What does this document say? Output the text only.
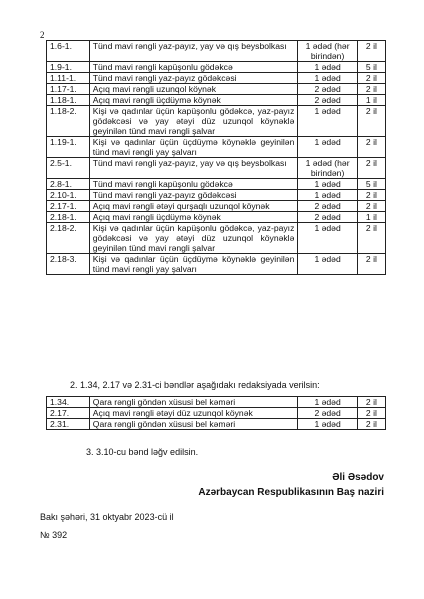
2
1.6-1.	Tünd mavi rəngli yaz-payız, yay və qış beysbolkası	1 ədəd (hər birindən)	2 il
1.9-1.	Tünd mavi rəngli kapüşonlu gödəkcə	1 ədəd	5 il
1.11-1.	Tünd mavi rəngli yaz-payız gödəkcəsi	1 ədəd	2 il
1.17-1.	Açıq mavi rəngli uzunqol köynək	2 ədəd	2 il
1.18-1.	Açıq mavi rəngli üçdüymə köynək	2 ədəd	1 il
1.18-2.	Kişi və qadınlar üçün kapüşonlu gödəkcə, yaz-payız gödəkcəsi və yay ətəyi düz uzunqol köynəklə geyinilən tünd mavi rəngli şalvar	1 ədəd	2 il
1.19-1.	Kişi və qadınlar üçün üçdüymə köynəklə geyinilən tünd mavi rəngli yay şalvarı	1 ədəd	2 il
2.5-1.	Tünd mavi rəngli yaz-payız, yay və qış beysbolkası	1 ədəd (hər birindən)	2 il
2.8-1.	Tünd mavi rəngli kapüşonlu gödəkcə	1 ədəd	5 il
2.10-1.	Tünd mavi rəngli yaz-payız gödəkcəsi	1 ədəd	2 il
2.17-1.	Açıq mavi rəngli ətəyi qurşaqlı uzunqol köynək	2 ədəd	2 il
2.18-1.	Açıq mavi rəngli üçdüymə köynək	2 ədəd	1 il
2.18-2.	Kişi və qadınlar üçün kapüşonlu gödəkcə, yaz-payız gödəkcəsi və yay ətəyi düz uzunqol köynəklə geyinilən tünd mavi rəngli şalvar	1 ədəd	2 il
2.18-3.	Kişi və qadınlar üçün üçdüymə köynəklə geyinilən tünd mavi rəngli yay şalvarı	1 ədəd	2 il
2. 1.34, 2.17 və 2.31-ci bəndlər aşağıdakı redaksiyada verilsin:
1.34.	Qara rəngli göndən xüsusi bel kəməri	1 ədəd	2 il
2.17.	Açıq mavi rəngli ətəyi düz uzunqol köynək	2 ədəd	2 il
2.31.	Qara rəngli göndən xüsusi bel kəməri	1 ədəd	2 il
3. 3.10-cu bənd ləğv edilsin.
Əli Əsədov
Azərbaycan Respublikasının Baş naziri
Bakı şəhəri, 31 oktyabr 2023-cü il
№ 392
